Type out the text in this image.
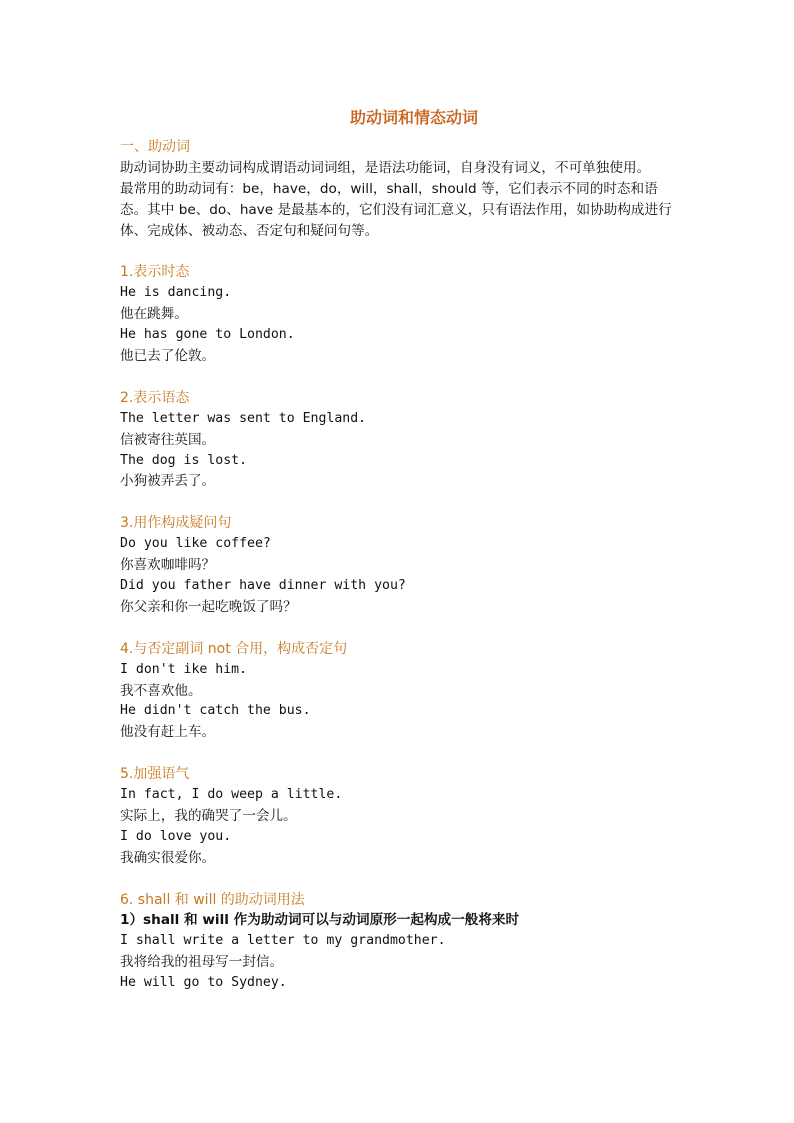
助动词和情态动词
一、助动词
助动词协助主要动词构成谓语动词词组，是语法功能词，自身没有词义，不可单独使用。
最常用的助动词有：be，have，do，will，shall，should 等，它们表示不同的时态和语态。其中 be、do、have 是最基本的，它们没有词汇意义，只有语法作用，如协助构成进行体、完成体、被动态、否定句和疑问句等。
1.表示时态
He is dancing.
他在跳舞。
He has gone to London.
他已去了伦敦。
2.表示语态
The letter was sent to England.
信被寄往英国。
The dog is lost.
小狗被弄丢了。
3.用作构成疑问句
Do you like coffee?
你喜欢咖啡吗？
Did you father have dinner with you?
你父亲和你一起吃晚饭了吗？
4.与否定副词 not 合用，构成否定句
I don't ike him.
我不喜欢他。
He didn't catch the bus.
他没有赶上车。
5.加强语气
In fact, I do weep a little.
实际上，我的确哭了一会儿。
I do love you.
我确实很爱你。
6. shall 和 will 的助动词用法
1）shall 和 will 作为助动词可以与动词原形一起构成一般将来时
I shall write a letter to my grandmother.
我将给我的祖母写一封信。
He will go to Sydney.
